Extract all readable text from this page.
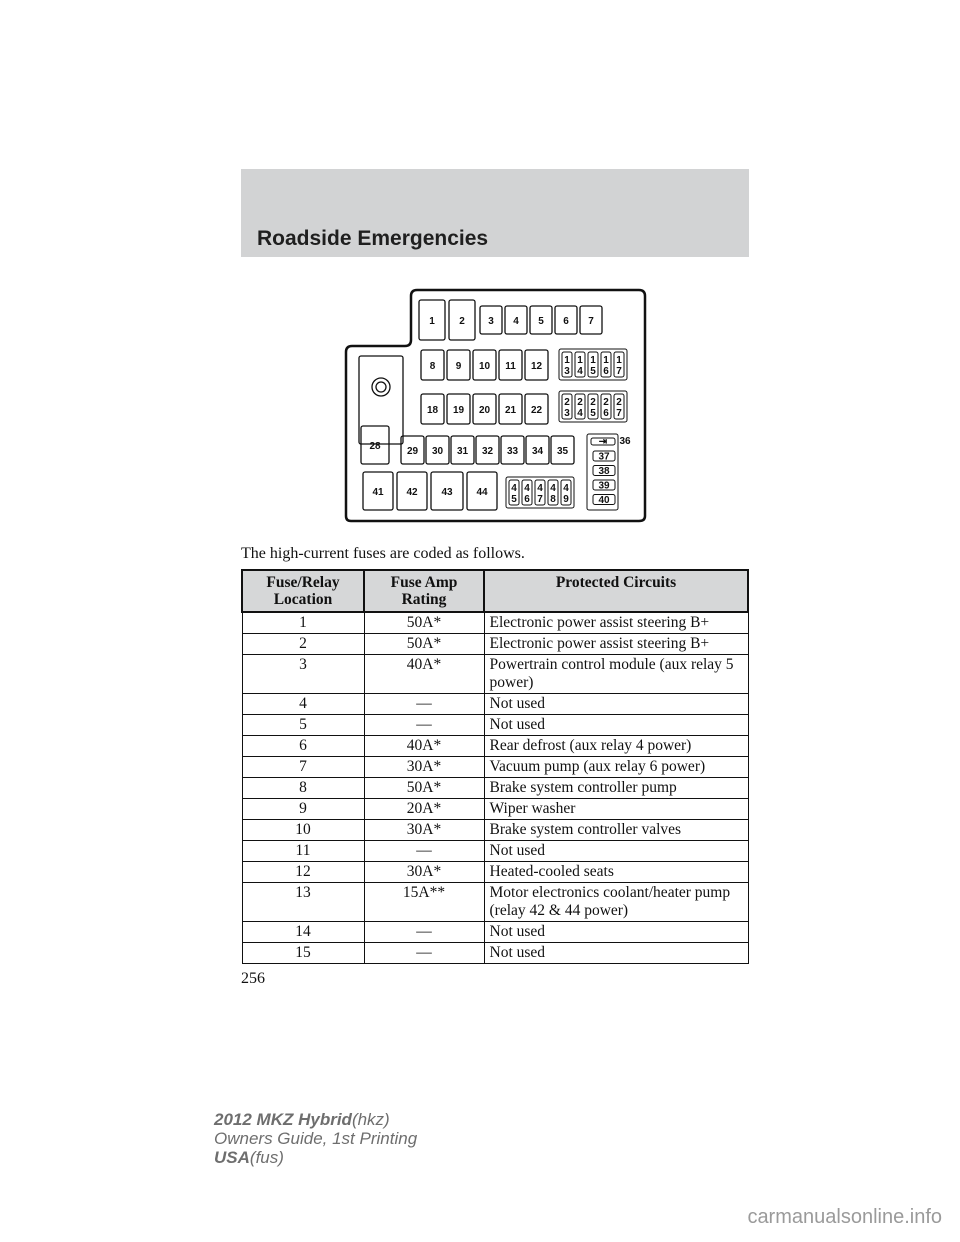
Roadside Emergencies
1 2 3 4 5 6 7
8 9 10 11 12
1
3
1
4
1
5
1
6
1
7
18 19 20 21 22
2
3
2
4
2
5
2
6
2
7
28	29 30 31 32 33 34 35
⇥ 36
37
38
39
40
41 42 43 44 4
5
4
6
4
7
4
8
4
9
The high-current fuses are coded as follows.
Fuse/Relay Location	Fuse Amp Rating	Protected Circuits
1	50A*	Electronic power assist steering B+
2	50A*	Electronic power assist steering B+
3	40A*	Powertrain control module (aux relay 5 power)
4	—	Not used
5	—	Not used
6	40A*	Rear defrost (aux relay 4 power)
7	30A*	Vacuum pump (aux relay 6 power)
8	50A*	Brake system controller pump
9	20A*	Wiper washer
10	30A*	Brake system controller valves
11	—	Not used
12	30A*	Heated-cooled seats
13	15A**	Motor electronics coolant/heater pump (relay 42 & 44 power)
14	—	Not used
15	—	Not used
256
2012 MKZ Hybrid(hkz)
Owners Guide, 1st Printing
USA(fus)
carmanualsonline.info
